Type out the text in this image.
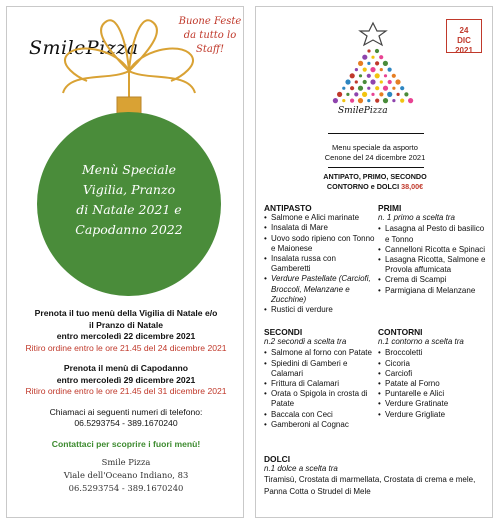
SmilePizza
Buone Feste
da tutto lo
Staff!
Menù Speciale
Vigilia, Pranzo
di Natale 2021 e
Capodanno 2022
Prenota il tuo menù della Vigilia di Natale e/o
il Pranzo di Natale
entro mercoledì 22 dicembre 2021
Ritiro ordine entro le ore 21.45 del 24 dicembre 2021
Prenota il menù di Capodanno
entro mercoledì 29 dicembre 2021
Ritiro ordine entro le ore 21.45 del 31 dicembre 2021
Chiamaci ai seguenti numeri di telefono:
06.5293754 - 389.1670240
Contattaci per scoprire i fuori menù!
Smile Pizza
Viale dell'Oceano Indiano, 83
06.5293754 - 389.1670240
24
DIC
2021
SmilePizza
Menu speciale da asporto
Cenone del 24 dicembre 2021
ANTIPATO, PRIMO, SECONDO
CONTORNO e DOLCI 38,00€
ANTIPASTO
• Salmone e Alici marinate
• Insalata di Mare
• Uovo sodo ripieno con Tonno e Maionese
• Insalata russa con Gamberetti
• Verdure Pastellate (Carciofi, Broccoli, Melanzane e Zucchine)
• Rustici di verdure
PRIMI
n. 1 primo a scelta tra
• Lasagna al Pesto di basilico e Tonno
• Cannelloni Ricotta e Spinaci
• Lasagna Ricotta, Salmone e Provola affumicata
• Crema di Scampi
• Parmigiana di Melanzane
SECONDI
n.2 secondi a scelta tra
• Salmone al forno con Patate
• Spiedini di Gamberi e Calamari
• Frittura di Calamari
• Orata o Spigola in crosta di Patate
• Baccala con Ceci
• Gamberoni al Cognac
CONTORNI
n.1 contorno a scelta tra
• Broccoletti
• Cicoria
• Carciofi
• Patate al Forno
• Puntarelle e Alici
• Verdure Gratinate
• Verdure Grigliate
DOLCI
n.1 dolce a scelta tra
Tiramisù, Crostata di marmellata, Crostata di crema e mele, Panna Cotta o Strudel di Mele
